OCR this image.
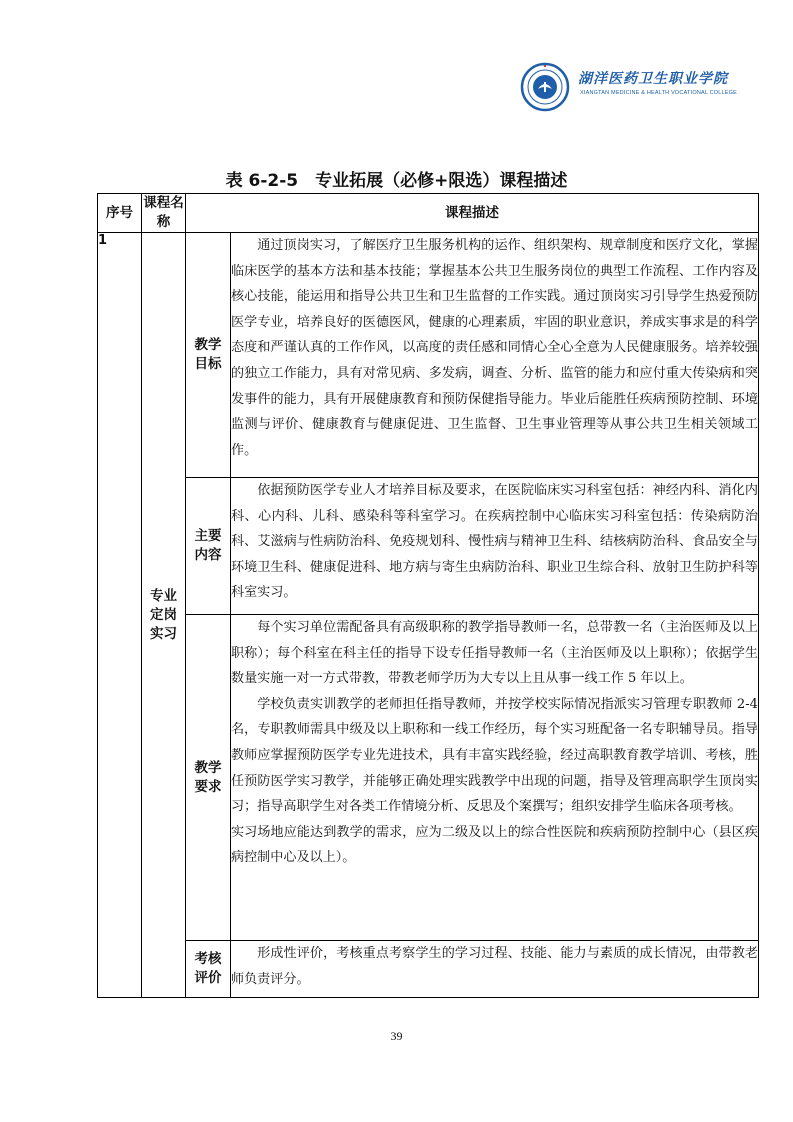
湖洋医药卫生职业学院
XIANGTAN MEDICINE & HEALTH VOCATIONAL COLLEGE
表 6-2-5　专业拓展（必修+限选）课程描述
序号	课程名称	课程描述	
1	专业定岗实习	教学目标	通过顶岗实习，了解医疗卫生服务机构的运作、组织架构、规章制度和医疗文化，掌握临床医学的基本方法和基本技能；掌握基本公共卫生服务岗位的典型工作流程、工作内容及核心技能，能运用和指导公共卫生和卫生监督的工作实践。通过顶岗实习引导学生热爱预防医学专业，培养良好的医德医风，健康的心理素质，牢固的职业意识，养成实事求是的科学态度和严谨认真的工作作风，以高度的责任感和同情心全心全意为人民健康服务。培养较强的独立工作能力，具有对常见病、多发病，调查、分析、监管的能力和应付重大传染病和突发事件的能力，具有开展健康教育和预防保健指导能力。毕业后能胜任疾病预防控制、环境监测与评价、健康教育与健康促进、卫生监督、卫生事业管理等从事公共卫生相关领域工作。

		主要内容	依据预防医学专业人才培养目标及要求，在医院临床实习科室包括：神经内科、消化内科、心内科、儿科、感染科等科室学习。在疾病控制中心临床实习科室包括：传染病防治科、艾滋病与性病防治科、免疫规划科、慢性病与精神卫生科、结核病防治科、食品安全与环境卫生科、健康促进科、地方病与寄生虫病防治科、职业卫生综合科、放射卫生防护科等科室实习。

		教学要求	每个实习单位需配备具有高级职称的教学指导教师一名，总带教一名（主治医师及以上职称）；每个科室在科主任的指导下设专任指导教师一名（主治医师及以上职称）；依据学生数量实施一对一方式带教，带教老师学历为大专以上且从事一线工作 5 年以上。

学校负责实训教学的老师担任指导教师，并按学校实际情况指派实习管理专职教师 2-4 名，专职教师需具中级及以上职称和一线工作经历，每个实习班配备一名专职辅导员。指导教师应掌握预防医学专业先进技术，具有丰富实践经验，经过高职教育教学培训、考核，胜任预防医学实习教学，并能够正确处理实践教学中出现的问题，指导及管理高职学生顶岗实习；指导高职学生对各类工作情境分析、反思及个案撰写；组织安排学生临床各项考核。

实习场地应能达到教学的需求，应为二级及以上的综合性医院和疾病预防控制中心（县区疾病控制中心及以上）。

		考核评价	形成性评价，考核重点考察学生的学习过程、技能、能力与素质的成长情况，由带教老师负责评分。

39
